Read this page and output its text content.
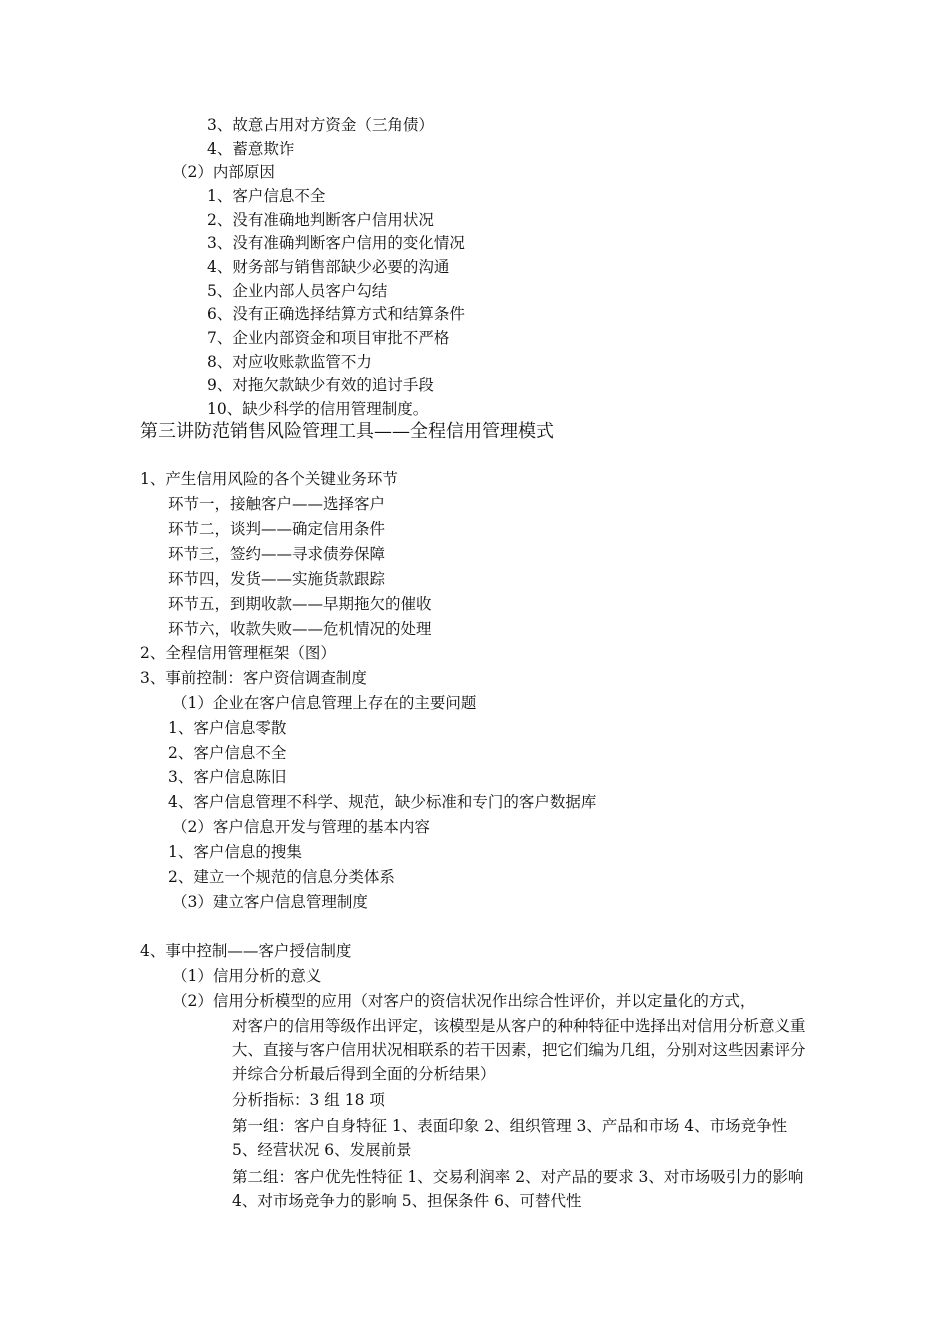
3、故意占用对方资金（三角债）
4、蓄意欺诈
（2）内部原因
1、客户信息不全
2、没有准确地判断客户信用状况
3、没有准确判断客户信用的变化情况
4、财务部与销售部缺少必要的沟通
5、企业内部人员客户勾结
6、没有正确选择结算方式和结算条件
7、企业内部资金和项目审批不严格
8、对应收账款监管不力
9、对拖欠款缺少有效的追讨手段
10、缺少科学的信用管理制度。
第三讲防范销售风险管理工具——全程信用管理模式
1、产生信用风险的各个关键业务环节
环节一，接触客户——选择客户
环节二，谈判——确定信用条件
环节三，签约——寻求债券保障
环节四，发货——实施货款跟踪
环节五，到期收款——早期拖欠的催收
环节六，收款失败——危机情况的处理
2、全程信用管理框架（图）
3、事前控制：客户资信调查制度
（1）企业在客户信息管理上存在的主要问题
1、客户信息零散
2、客户信息不全
3、客户信息陈旧
4、客户信息管理不科学、规范，缺少标准和专门的客户数据库
（2）客户信息开发与管理的基本内容
1、客户信息的搜集
2、建立一个规范的信息分类体系
（3）建立客户信息管理制度
4、事中控制——客户授信制度
（1）信用分析的意义
（2）信用分析模型的应用（对客户的资信状况作出综合性评价，并以定量化的方式，
对客户的信用等级作出评定，该模型是从客户的种种特征中选择出对信用分析意义重大、直接与客户信用状况相联系的若干因素，把它们编为几组，分别对这些因素评分并综合分析最后得到全面的分析结果）
分析指标：3 组 18 项
第一组：客户自身特征 1、表面印象 2、组织管理 3、产品和市场 4、市场竞争性 5、经营状况 6、发展前景
第二组：客户优先性特征 1、交易利润率 2、对产品的要求 3、对市场吸引力的影响 4、对市场竞争力的影响 5、担保条件 6、可替代性
